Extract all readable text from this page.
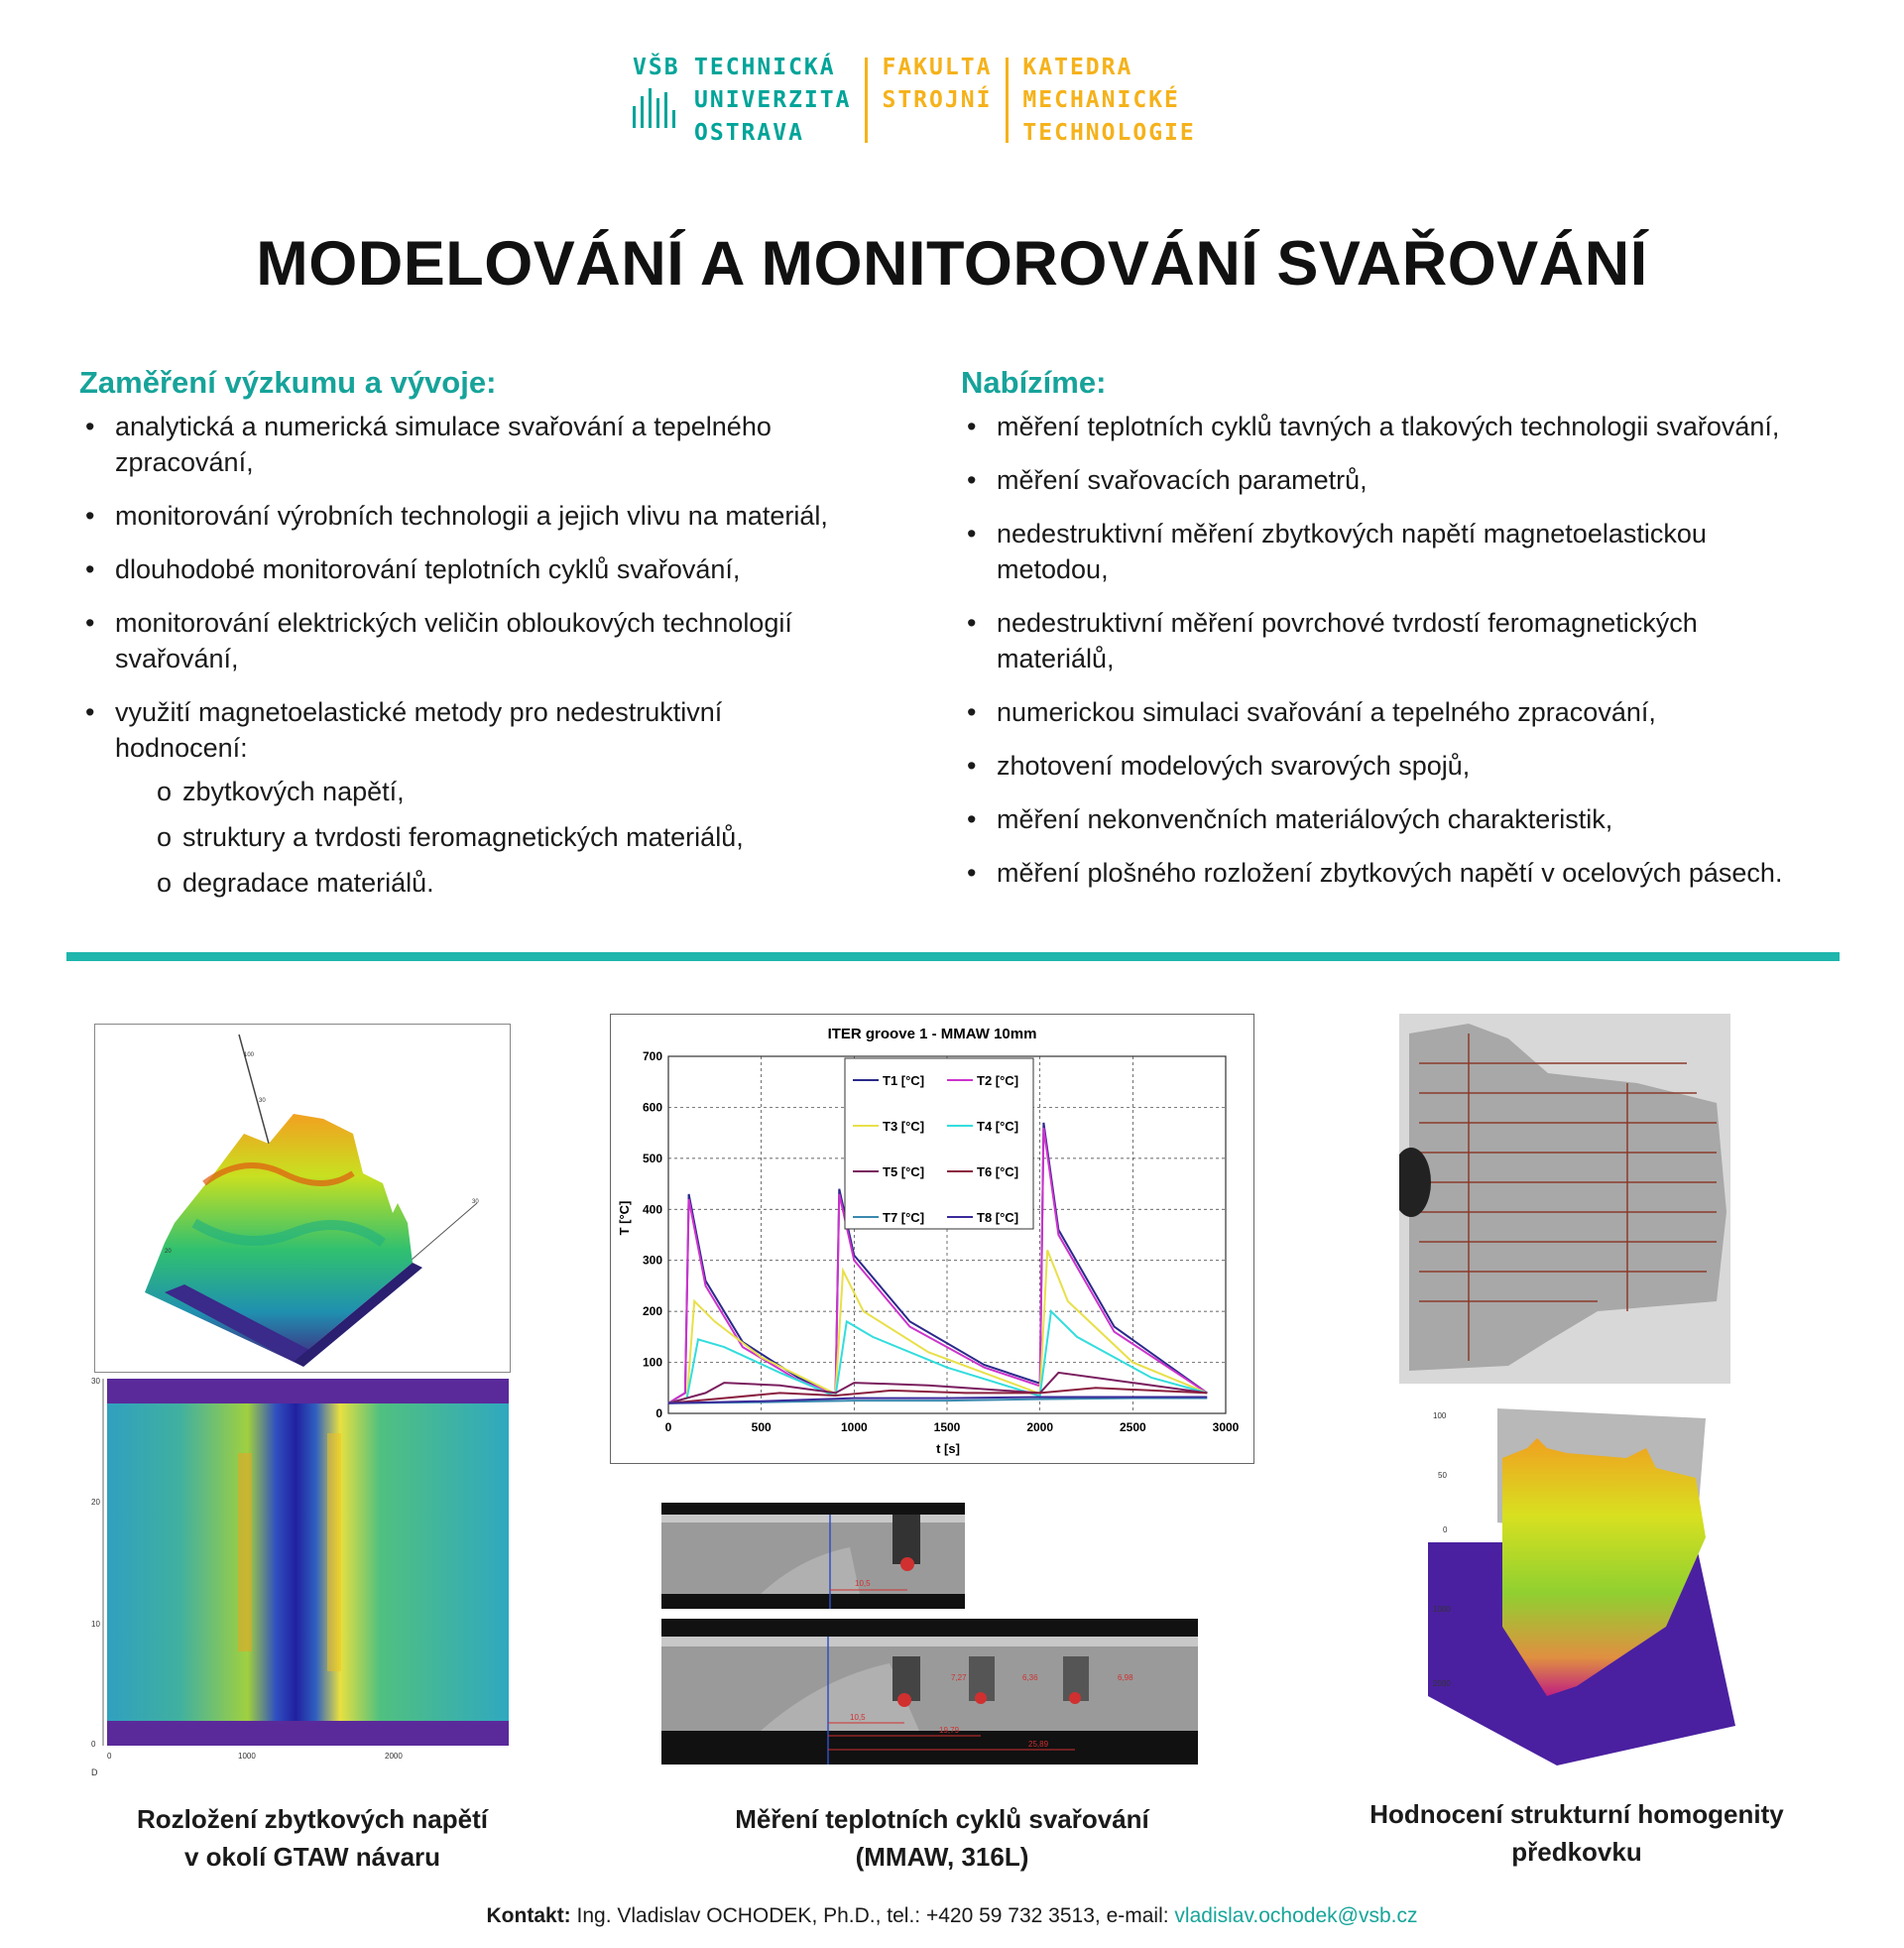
VŠB TECHNICKÁ
UNIVERZITA
OSTRAVA
FAKULTA
STROJNÍ
KATEDRA
MECHANICKÉ
TECHNOLOGIE
MODELOVÁNÍ A MONITOROVÁNÍ SVAŘOVÁNÍ
Zaměření výzkumu a vývoje:
• analytická a numerická simulace svařování a tepelného zpracování,
• monitorování výrobních technologii a jejich vlivu na materiál,
• dlouhodobé monitorování teplotních cyklů svařování,
• monitorování elektrických veličin obloukových technologií svařování,
• využití magnetoelastické metody pro nedestruktivní hodnocení:
o zbytkových napětí,
o struktury a tvrdosti feromagnetických materiálů,
o degradace materiálů.
Nabízíme:
• měření teplotních cyklů tavných a tlakových technologii svařování,
• měření svařovacích parametrů,
• nedestruktivní měření zbytkových napětí magnetoelastickou metodou,
• nedestruktivní měření povrchové tvrdostí feromagnetických materiálů,
• numerickou simulaci svařování a tepelného zpracování,
• zhotovení modelových svarových spojů,
• měření nekonvenčních materiálových charakteristik,
• měření plošného rozložení zbytkových napětí v ocelových pásech.
100
30
20
30
30
20
10
0
0	1000	2000
D
ITER groove 1 - MMAW 10mm
T [°C]
t [s]
0	500	1000	1500	2000	2500	3000
0
100
200
300
400
500
600
700
T1 [°C]	T2 [°C]
T3 [°C]	T4 [°C]
T5 [°C]	T6 [°C]
T7 [°C]	T8 [°C]
10,5
10,5
7,27	6,36	6,98
19,79
25,89
100
50
0
1000
2000
Rozložení zbytkových napětí
v okolí GTAW návaru
Měření teplotních cyklů svařování
(MMAW, 316L)
Hodnocení strukturní homogenity
předkovku
Kontakt: Ing. Vladislav OCHODEK, Ph.D., tel.: +420 59 732 3513, e-mail: vladislav.ochodek@vsb.cz
